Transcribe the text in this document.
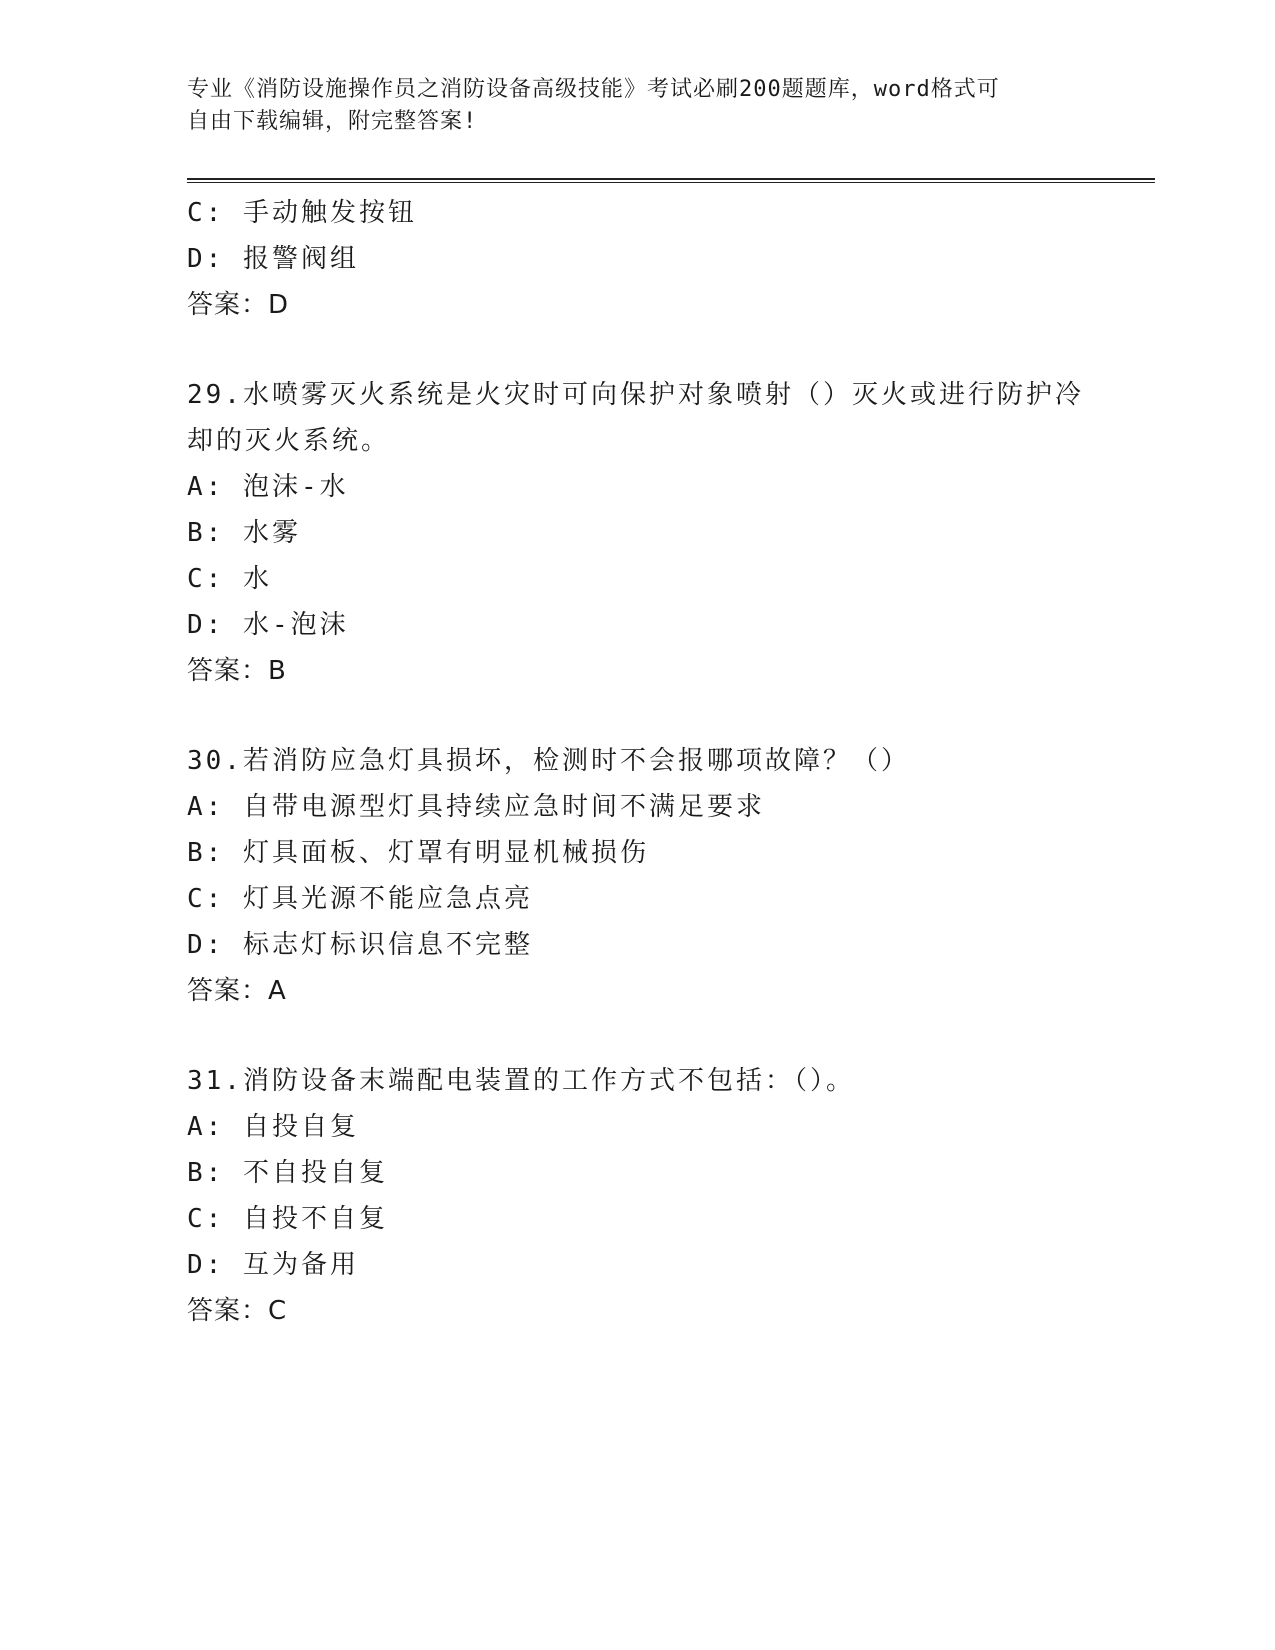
专业《消防设施操作员之消防设备高级技能》考试必刷200题题库，word格式可
自由下载编辑，附完整答案!
C: 手动触发按钮
D: 报警阀组
答案：D
29.水喷雾灭火系统是火灾时可向保护对象喷射（）灭火或进行防护冷却的灭火系统。
A: 泡沫-水
B: 水雾
C: 水
D: 水-泡沫
答案：B
30.若消防应急灯具损坏，检测时不会报哪项故障？（）
A: 自带电源型灯具持续应急时间不满足要求
B: 灯具面板、灯罩有明显机械损伤
C: 灯具光源不能应急点亮
D: 标志灯标识信息不完整
答案：A
31.消防设备末端配电装置的工作方式不包括：（）。
A: 自投自复
B: 不自投自复
C: 自投不自复
D: 互为备用
答案：C
